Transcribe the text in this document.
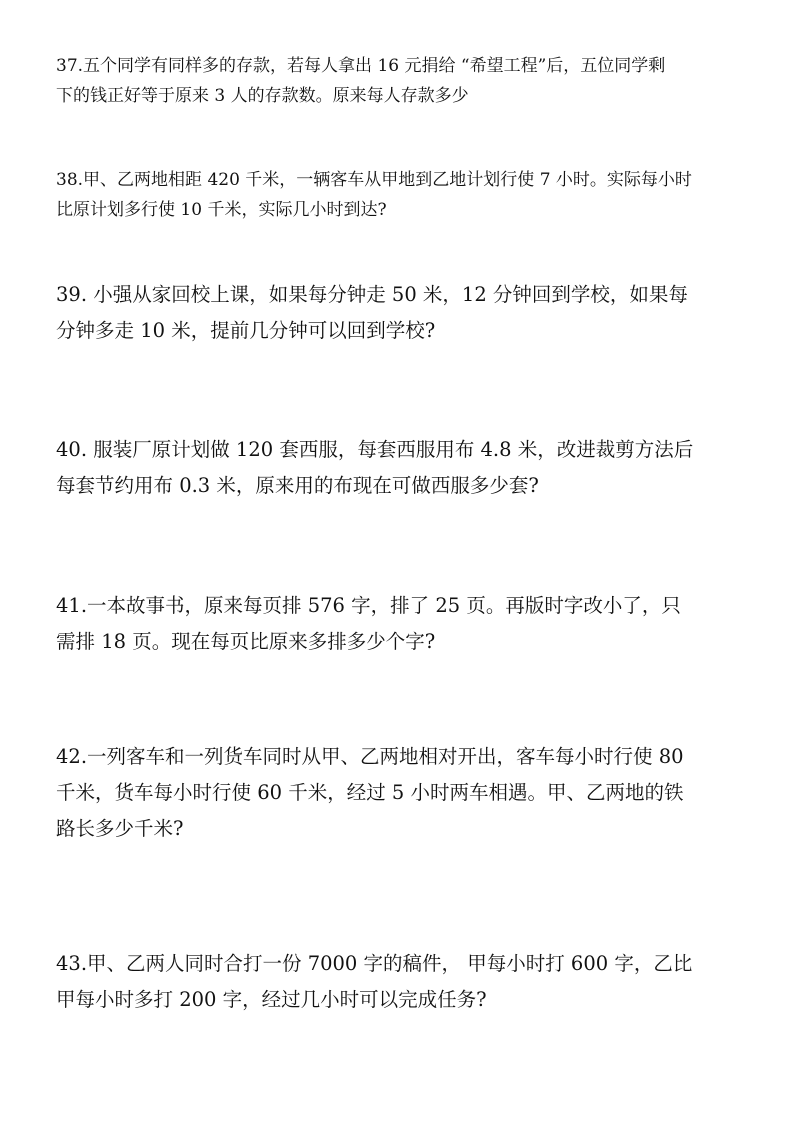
37.五个同学有同样多的存款，若每人拿出 16 元捐给 “希望工程”后，五位同学剩
下的钱正好等于原来 3 人的存款数。原来每人存款多少
38.甲、乙两地相距 420 千米，一辆客车从甲地到乙地计划行使 7 小时。实际每小时
比原计划多行使 10 千米，实际几小时到达?
39. 小强从家回校上课，如果每分钟走 50 米，12 分钟回到学校，如果每
分钟多走 10 米，提前几分钟可以回到学校?
40. 服装厂原计划做 120 套西服，每套西服用布 4.8 米，改进裁剪方法后
每套节约用布 0.3 米，原来用的布现在可做西服多少套?
41.一本故事书，原来每页排 576 字，排了 25 页。再版时字改小了，只
需排 18 页。现在每页比原来多排多少个字?
42.一列客车和一列货车同时从甲、乙两地相对开出，客车每小时行使 80
千米，货车每小时行使 60 千米，经过 5 小时两车相遇。甲、乙两地的铁
路长多少千米?
43.甲、乙两人同时合打一份 7000 字的稿件， 甲每小时打 600 字，乙比
甲每小时多打 200 字，经过几小时可以完成任务?
